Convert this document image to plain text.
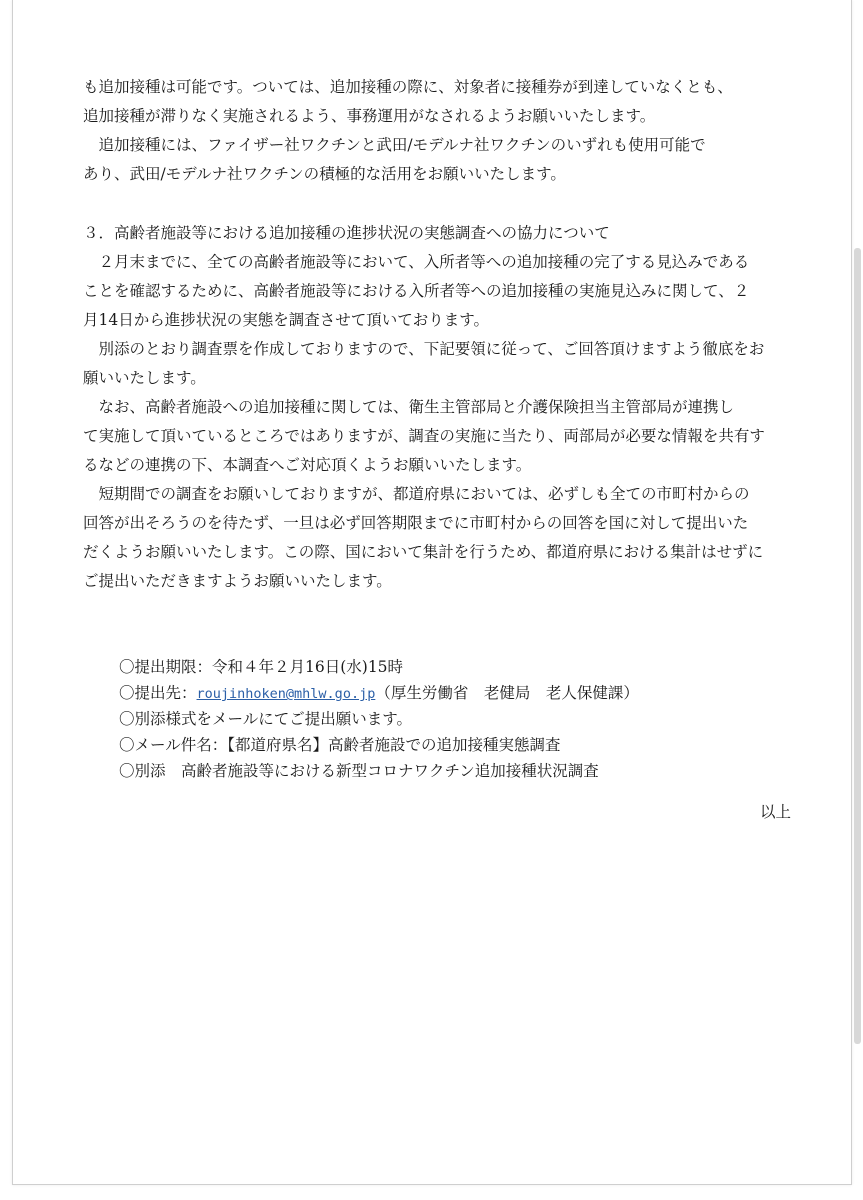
も追加接種は可能です。ついては、追加接種の際に、対象者に接種券が到達していなくとも、
追加接種が滞りなく実施されるよう、事務運用がなされるようお願いいたします。
　追加接種には、ファイザー社ワクチンと武田/モデルナ社ワクチンのいずれも使用可能で
あり、武田/モデルナ社ワクチンの積極的な活用をお願いいたします。
３．高齢者施設等における追加接種の進捗状況の実態調査への協力について
　２月末までに、全ての高齢者施設等において、入所者等への追加接種の完了する見込みである
ことを確認するために、高齢者施設等における入所者等への追加接種の実施見込みに関して、２
月14日から進捗状況の実態を調査させて頂いております。
　別添のとおり調査票を作成しておりますので、下記要領に従って、ご回答頂けますよう徹底をお
願いいたします。
　なお、高齢者施設への追加接種に関しては、衛生主管部局と介護保険担当主管部局が連携し
て実施して頂いているところではありますが、調査の実施に当たり、両部局が必要な情報を共有す
るなどの連携の下、本調査へご対応頂くようお願いいたします。
　短期間での調査をお願いしておりますが、都道府県においては、必ずしも全ての市町村からの
回答が出そろうのを待たず、一旦は必ず回答期限までに市町村からの回答を国に対して提出いた
だくようお願いいたします。この際、国において集計を行うため、都道府県における集計はせずに
ご提出いただきますようお願いいたします。
〇提出期限：令和４年２月16日(水)15時
〇提出先：roujinhoken@mhlw.go.jp（厚生労働省　老健局　老人保健課）
〇別添様式をメールにてご提出願います。
〇メール件名：【都道府県名】高齢者施設での追加接種実態調査
〇別添　高齢者施設等における新型コロナワクチン追加接種状況調査
以上
